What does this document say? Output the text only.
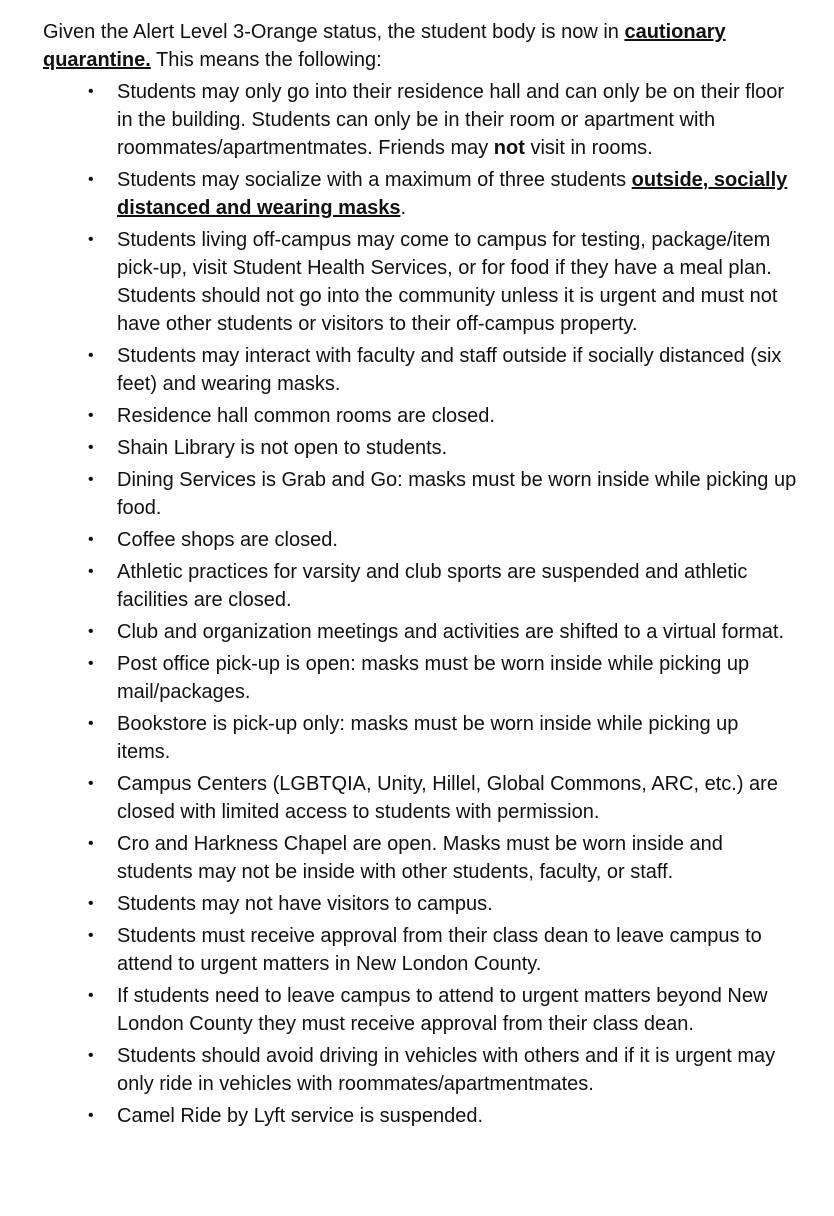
Given the Alert Level 3-Orange status, the student body is now in cautionary quarantine. This means the following:

• Students may only go into their residence hall and can only be on their floor in the building. Students can only be in their room or apartment with roommates/apartmentmates. Friends may not visit in rooms.
• Students may socialize with a maximum of three students outside, socially distanced and wearing masks.
• Students living off-campus may come to campus for testing, package/item pick-up, visit Student Health Services, or for food if they have a meal plan. Students should not go into the community unless it is urgent and must not have other students or visitors to their off-campus property.
• Students may interact with faculty and staff outside if socially distanced (six feet) and wearing masks.
• Residence hall common rooms are closed.
• Shain Library is not open to students.
• Dining Services is Grab and Go: masks must be worn inside while picking up food.
• Coffee shops are closed.
• Athletic practices for varsity and club sports are suspended and athletic facilities are closed.
• Club and organization meetings and activities are shifted to a virtual format.
• Post office pick-up is open: masks must be worn inside while picking up mail/packages.
• Bookstore is pick-up only: masks must be worn inside while picking up items.
• Campus Centers (LGBTQIA, Unity, Hillel, Global Commons, ARC, etc.) are closed with limited access to students with permission.
• Cro and Harkness Chapel are open. Masks must be worn inside and students may not be inside with other students, faculty, or staff.
• Students may not have visitors to campus.
• Students must receive approval from their class dean to leave campus to attend to urgent matters in New London County.
• If students need to leave campus to attend to urgent matters beyond New London County they must receive approval from their class dean.
• Students should avoid driving in vehicles with others and if it is urgent may only ride in vehicles with roommates/apartmentmates.
• Camel Ride by Lyft service is suspended.
